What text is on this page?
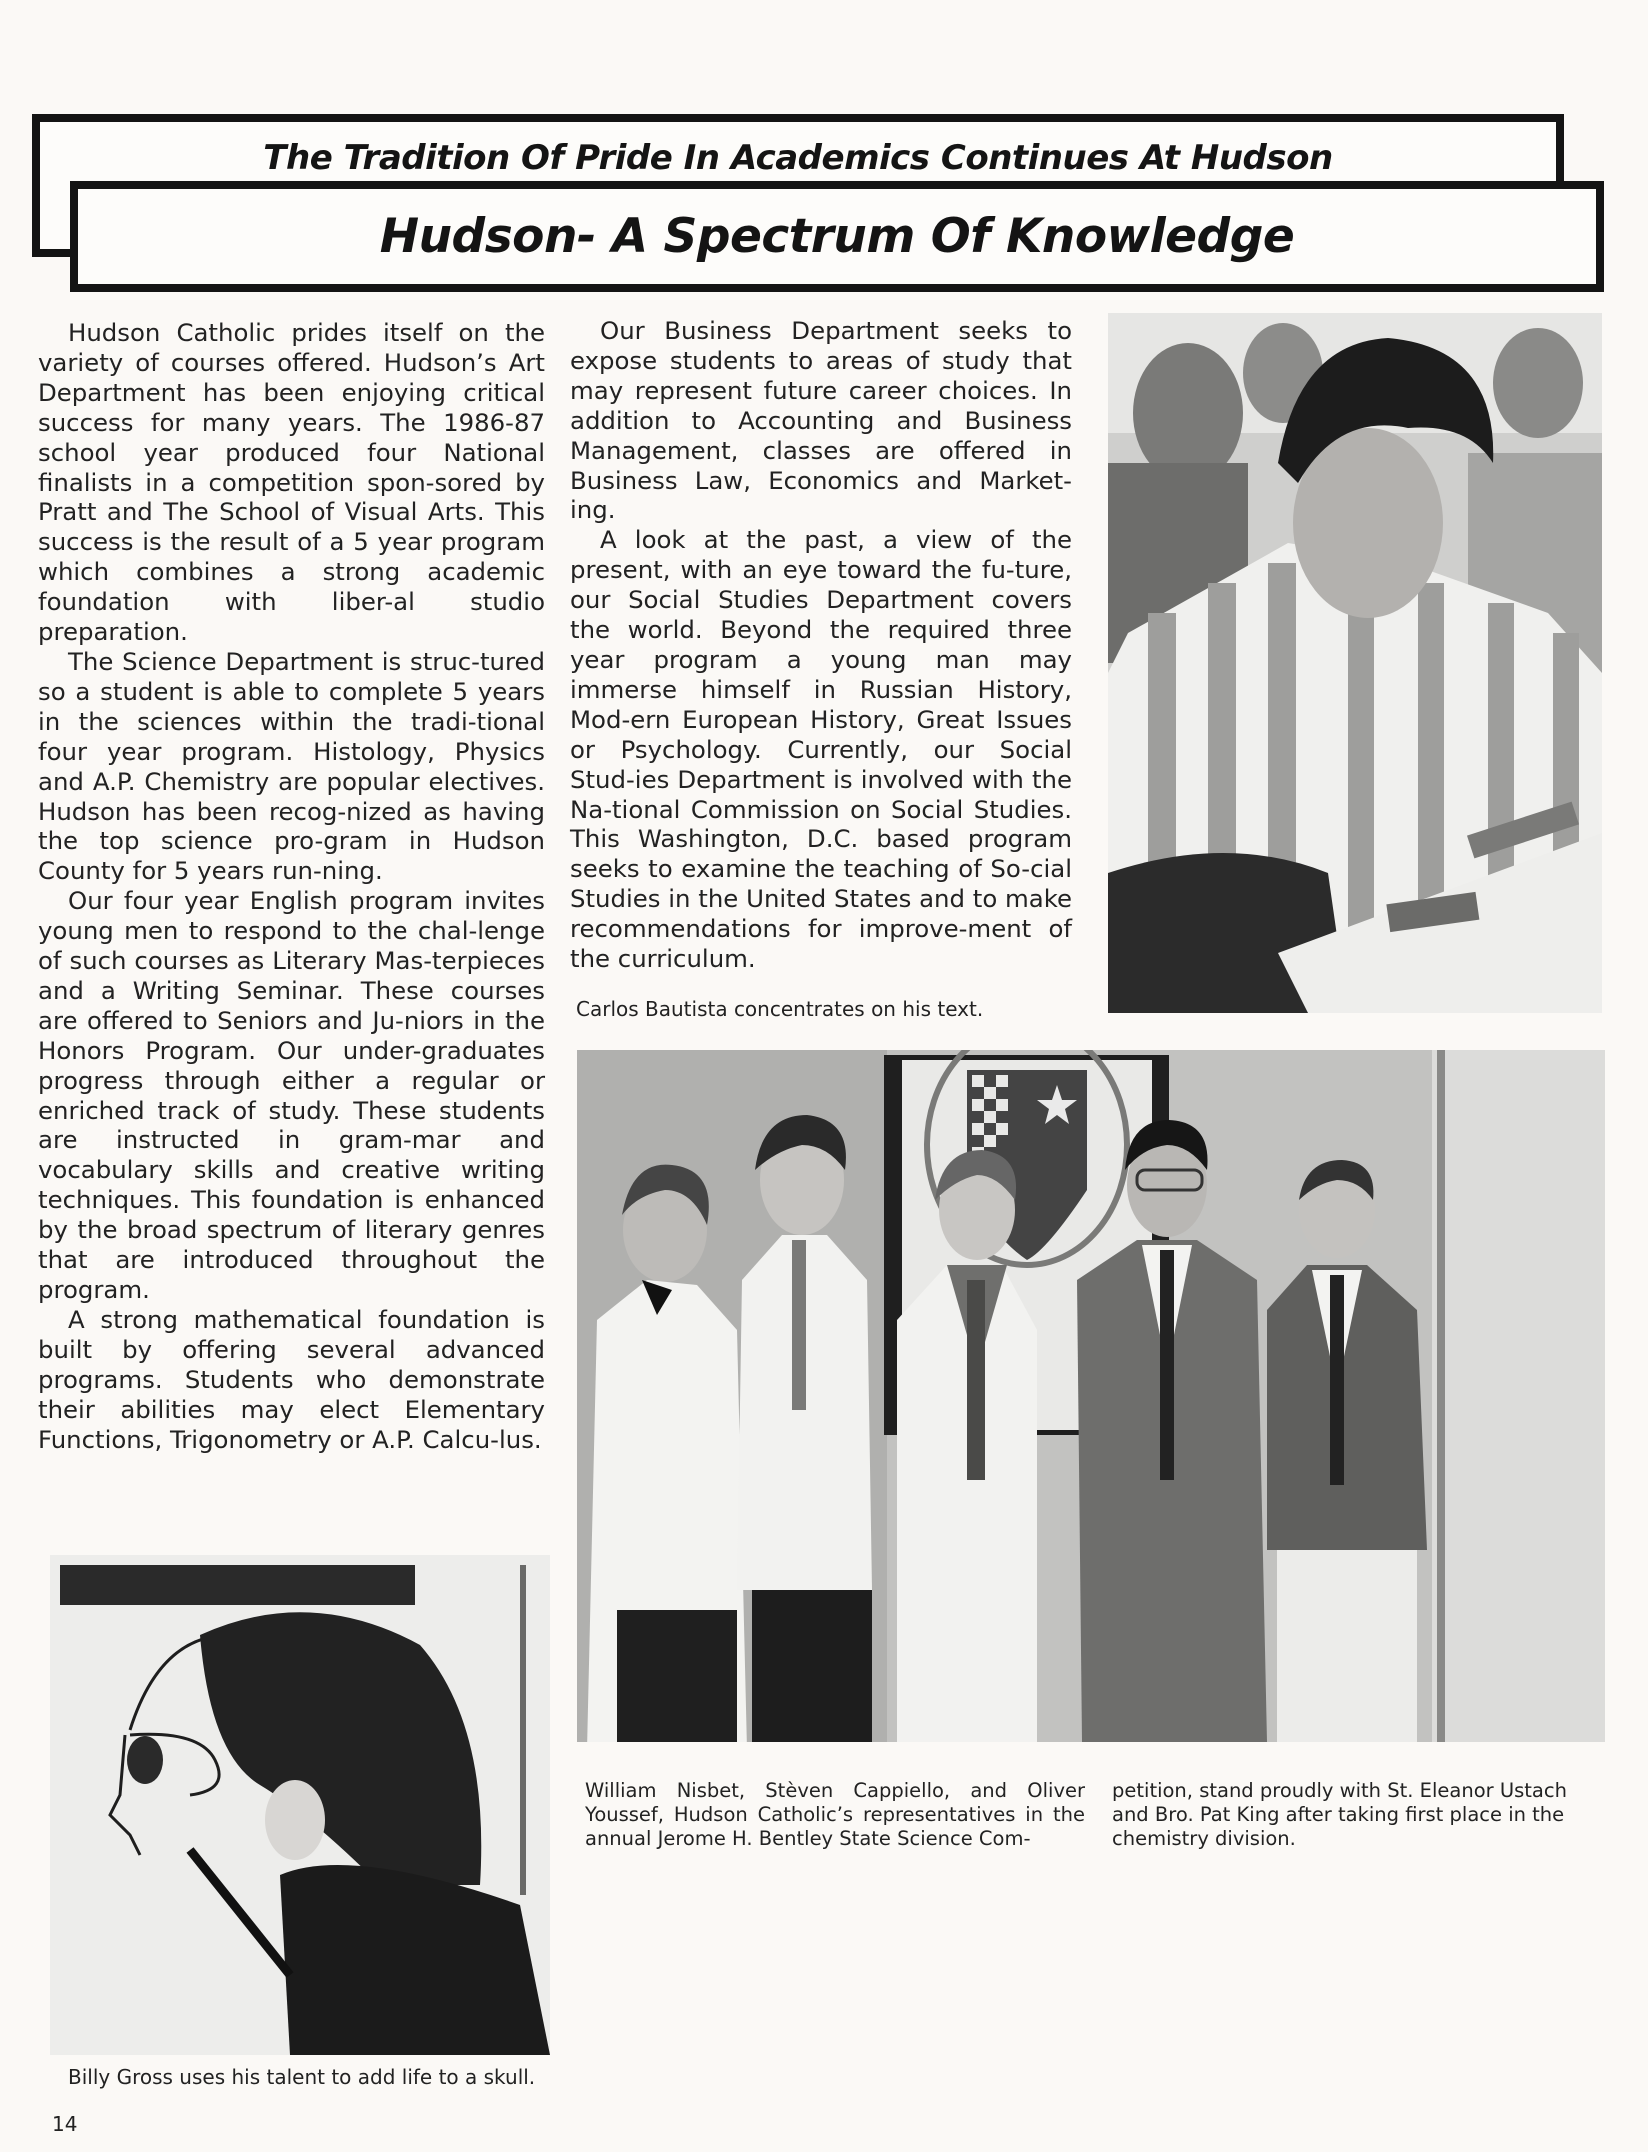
The Tradition Of Pride In Academics Continues At Hudson
Hudson- A Spectrum Of Knowledge

Hudson Catholic prides itself on the variety of courses offered. Hudson’s Art Department has been enjoying critical success for many years. The 1986-87 school year produced four National finalists in a competition spon-sored by Pratt and The School of Visual Arts. This success is the result of a 5 year program which combines a strong academic foundation with liber-al studio preparation.

The Science Department is struc-tured so a student is able to complete 5 years in the sciences within the tradi-tional four year program. Histology, Physics and A.P. Chemistry are popular electives. Hudson has been recog-nized as having the top science pro-gram in Hudson County for 5 years run-ning.

Our four year English program invites young men to respond to the chal-lenge of such courses as Literary Mas-terpieces and a Writing Seminar. These courses are offered to Seniors and Ju-niors in the Honors Program. Our under-graduates progress through either a regular or enriched track of study. These students are instructed in gram-mar and vocabulary skills and creative writing techniques. This foundation is enhanced by the broad spectrum of literary genres that are introduced throughout the program.

A strong mathematical foundation is built by offering several advanced programs. Students who demonstrate their abilities may elect Elementary Functions, Trigonometry or A.P. Calcu-lus.

Our Business Department seeks to expose students to areas of study that may represent future career choices. In addition to Accounting and Business Management, classes are offered in Business Law, Economics and Market-ing.

A look at the past, a view of the present, with an eye toward the fu-ture, our Social Studies Department covers the world. Beyond the required three year program a young man may immerse himself in Russian History, Mod-ern European History, Great Issues or Psychology. Currently, our Social Stud-ies Department is involved with the Na-tional Commission on Social Studies. This Washington, D.C. based program seeks to examine the teaching of So-cial Studies in the United States and to make recommendations for improve-ment of the curriculum.

Carlos Bautista concentrates on his text.
William Nisbet, Stèven Cappiello, and Oliver Youssef, Hudson Catholic’s representatives in the annual Jerome H. Bentley State Science Com-
petition, stand proudly with St. Eleanor Ustach and Bro. Pat King after taking first place in the chemistry division.
Billy Gross uses his talent to add life to a skull.
14
